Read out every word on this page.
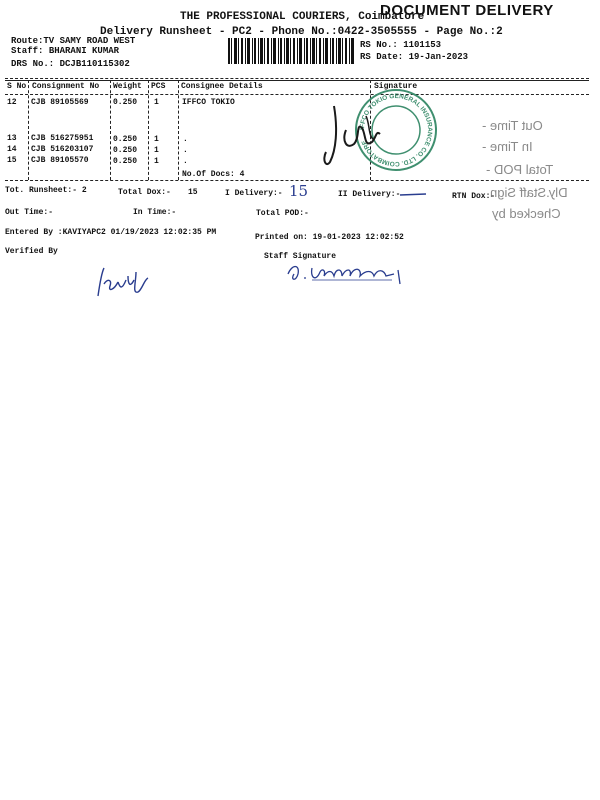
THE PROFESSIONAL COURIERS, Coimbatore
DOCUMENT DELIVERY
Delivery Runsheet - PC2 - Phone No.:0422-3505555 - Page No.:2
Route:TV SAMY ROAD WEST
Staff: BHARANI KUMAR
DRS No.: DCJB110115302
RS No.: 1101153
RS Date: 19-Jan-2023
S No Consignment No Weight PCS Consignee Details	Signature
12 CJB 89105569	0.250 1	IFFCO TOKIO
13 CJB 516275951 0.250 1	.
14 CJB 516203107 0.250 1	.
15 CJB 89105570	0.250 1	.
No.Of Docs: 4
IFFCO TOKIO GENERAL INSURANCE CO. LTD. COIMBATORE
Out Time -
In Time -
Total POD -
Dly.Staff Sign
Checked by
Tot. Runsheet:- 2	Total Dox:- 15	I Delivery:- 15	II Delivery:-	RTN Dox:-
Out Time:-	In Time:-	Total POD:-
Entered By :KAVIYAPC2 01/19/2023 12:02:35 PM
Printed on: 19-01-2023 12:02:52
Verified By
Staff Signature
